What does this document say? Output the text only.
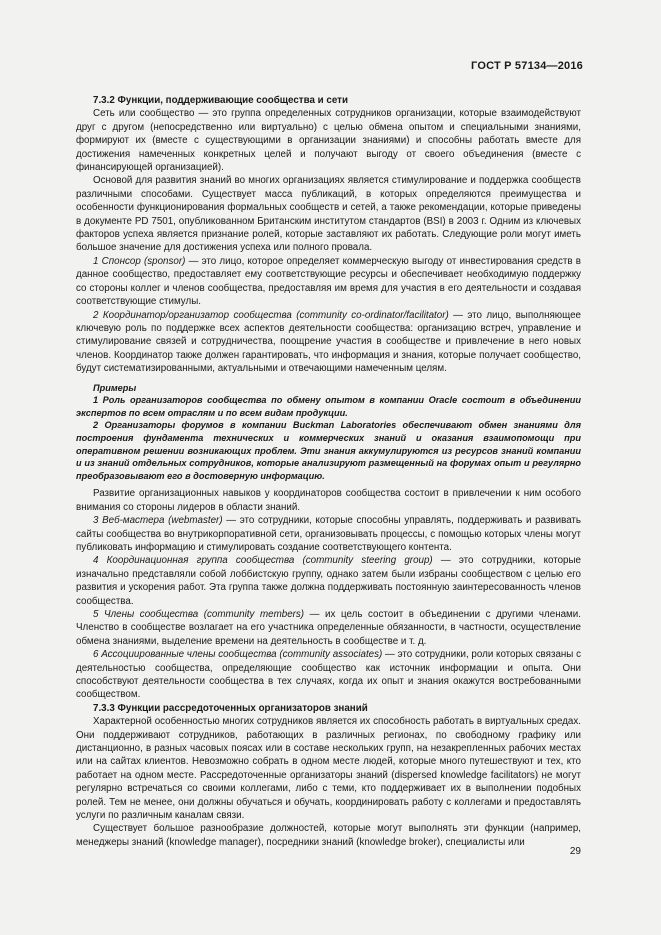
ГОСТ Р 57134—2016

7.3.2 Функции, поддерживающие сообщества и сети

Сеть или сообщество — это группа определенных сотрудников организации, которые взаимодействуют друг с другом (непосредственно или виртуально) с целью обмена опытом и специальными знаниями, формируют их (вместе с существующими в организации знаниями) и способны работать вместе для достижения намеченных конкретных целей и получают выгоду от своего объединения (вместе с финансирующей организацией).

Основой для развития знаний во многих организациях является стимулирование и поддержка сообществ различными способами. Существует масса публикаций, в которых определяются преимущества и особенности функционирования формальных сообществ и сетей, а также рекомендации, которые приведены в документе PD 7501, опубликованном Британским институтом стандартов (BSI) в 2003 г. Одним из ключевых факторов успеха является признание ролей, которые заставляют их работать. Следующие роли могут иметь большое значение для достижения успеха или полного провала.

1 Спонсор (sponsor) — это лицо, которое определяет коммерческую выгоду от инвестирования средств в данное сообщество, предоставляет ему соответствующие ресурсы и обеспечивает необходимую поддержку со стороны коллег и членов сообщества, предоставляя им время для участия в его деятельности и создавая соответствующие стимулы.

2 Координатор/организатор сообщества (community co-ordinator/facilitator) — это лицо, выполняющее ключевую роль по поддержке всех аспектов деятельности сообщества: организацию встреч, управление и стимулирование связей и сотрудничества, поощрение участия в сообществе и привлечение в него новых членов. Координатор также должен гарантировать, что информация и знания, которые получает сообщество, будут систематизированными, актуальными и отвечающими намеченным целям.

Примеры

1 Роль организаторов сообщества по обмену опытом в компании Oracle состоит в объединении экспертов по всем отраслям и по всем видам продукции.

2 Организаторы форумов в компании Buckman Laboratories обеспечивают обмен знаниями для построения фундамента технических и коммерческих знаний и оказания взаимопомощи при оперативном решении возникающих проблем. Эти знания аккумулируются из ресурсов знаний компании и из знаний отдельных сотрудников, которые анализируют размещенный на форумах опыт и регулярно преобразовывают его в достоверную информацию.

Развитие организационных навыков у координаторов сообщества состоит в привлечении к ним особого внимания со стороны лидеров в области знаний.

3 Веб-мастера (webmaster) — это сотрудники, которые способны управлять, поддерживать и развивать сайты сообщества во внутрикорпоративной сети, организовывать процессы, с помощью которых члены могут публиковать информацию и стимулировать создание соответствующего контента.

4 Координационная группа сообщества (community steering group) — это сотрудники, которые изначально представляли собой лоббистскую группу, однако затем были избраны сообществом с целью его развития и ускорения работ. Эта группа также должна поддерживать постоянную заинтересованность членов сообщества.

5 Члены сообщества (community members) — их цель состоит в объединении с другими членами. Членство в сообществе возлагает на его участника определенные обязанности, в частности, осуществление обмена знаниями, выделение времени на деятельность в сообществе и т. д.

6 Ассоциированные члены сообщества (community associates) — это сотрудники, роли которых связаны с деятельностью сообщества, определяющие сообщество как источник информации и опыта. Они способствуют деятельности сообщества в тех случаях, когда их опыт и знания окажутся востребованными сообществом.

7.3.3 Функции рассредоточенных организаторов знаний

Характерной особенностью многих сотрудников является их способность работать в виртуальных средах. Они поддерживают сотрудников, работающих в различных регионах, по свободному графику или дистанционно, в разных часовых поясах или в составе нескольких групп, на незакрепленных рабочих местах или на сайтах клиентов. Невозможно собрать в одном месте людей, которые много путешествуют и тех, кто работает на одном месте. Рассредоточенные организаторы знаний (dispersed knowledge facilitators) не могут регулярно встречаться со своими коллегами, либо с теми, кто поддерживает их в выполнении подобных ролей. Тем не менее, они должны обучаться и обучать, координировать работу с коллегами и предоставлять услуги по различным каналам связи.

Существует большое разнообразие должностей, которые могут выполнять эти функции (например, менеджеры знаний (knowledge manager), посредники знаний (knowledge broker), специалисты или

29
